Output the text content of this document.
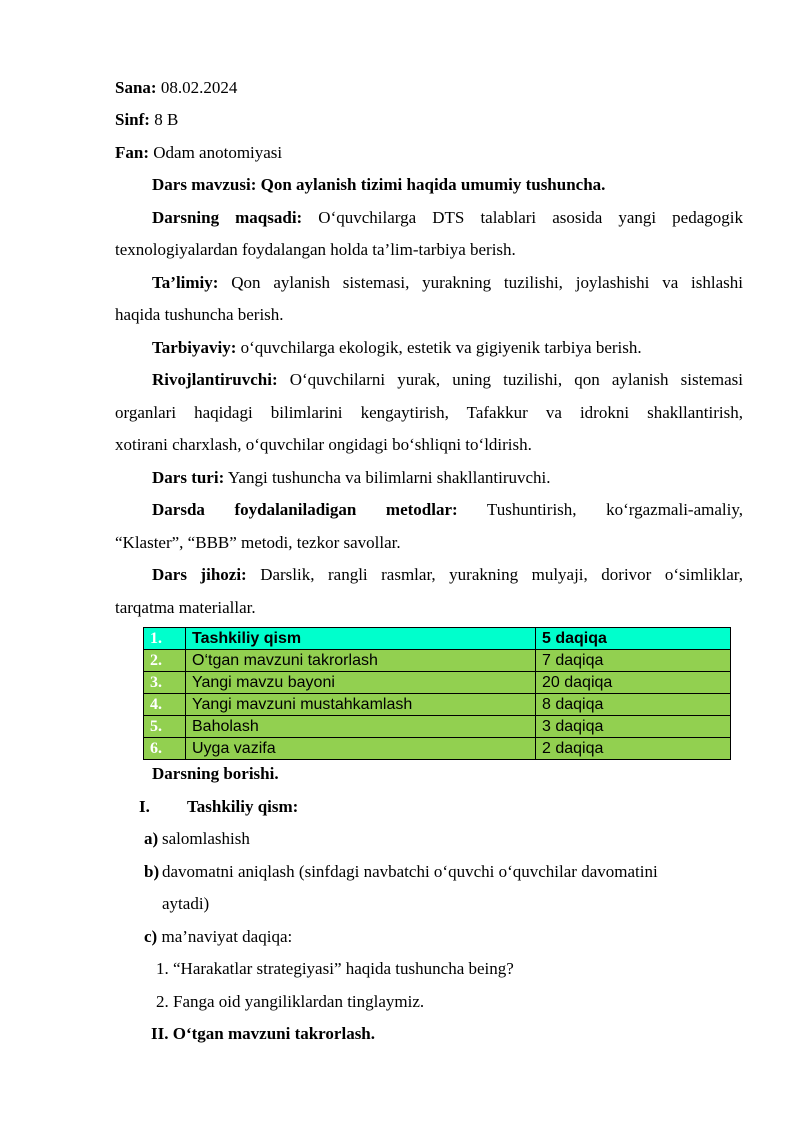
Sana: 08.02.2024
Sinf: 8 B
Fan: Odam anotomiyasi
Dars mavzusi: Qon aylanish tizimi haqida umumiy tushuncha.
Darsning maqsadi: O‘quvchilarga DTS talablari asosida yangi pedagogik
texnologiyalardan foydalangan holda ta’lim-tarbiya berish.
Ta’limiy: Qon aylanish sistemasi, yurakning tuzilishi, joylashishi va ishlashi
haqida tushuncha berish.
Tarbiyaviy: o‘quvchilarga ekologik, estetik va gigiyenik tarbiya berish.
Rivojlantiruvchi: O‘quvchilarni yurak, uning tuzilishi, qon aylanish sistemasi
organlari haqidagi bilimlarini kengaytirish, Tafakkur va idrokni shakllantirish,
xotirani charxlash, o‘quvchilar ongidagi bo‘shliqni to‘ldirish.
Dars turi: Yangi tushuncha va bilimlarni shakllantiruvchi.
Darsda foydalaniladigan metodlar: Tushuntirish, ko‘rgazmali-amaliy,
“Klaster”, “BBB” metodi, tezkor savollar.
Dars jihozi: Darslik, rangli rasmlar, yurakning mulyaji, dorivor o‘simliklar,
tarqatma materiallar.
1.	Tashkiliy qism	5 daqiqa
2.	O‘tgan mavzuni takrorlash	7 daqiqa
3.	Yangi mavzu bayoni	20 daqiqa
4.	Yangi mavzuni mustahkamlash	8 daqiqa
5.	Baholash	3 daqiqa
6.	Uyga vazifa	2 daqiqa
Darsning borishi.
I. Tashkiliy qism:
a) salomlashish
b) davomatni aniqlash (sinfdagi navbatchi o‘quvchi o‘quvchilar davomatini
aytadi)
c) ma’naviyat daqiqa:
1. “Harakatlar strategiyasi” haqida tushuncha being?
2. Fanga oid yangiliklardan tinglaymiz.
II. O‘tgan mavzuni takrorlash.
